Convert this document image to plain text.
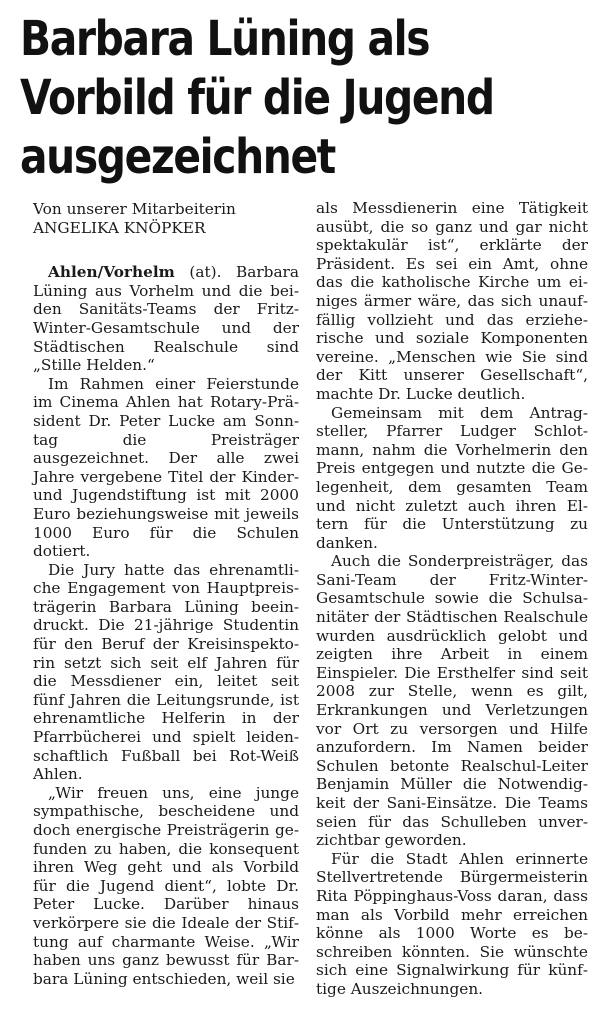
Barbara Lüning als
Vorbild für die Jugend
ausgezeichnet

Von unserer Mitarbeiterin
ANGELIKA KNÖPKER

Ahlen/Vorhelm (at). Barbara Lüning aus Vorhelm und die beiden Sanitäts-Teams der Fritz-Winter-Gesamtschule und der Städtischen Realschule sind „Stille Helden.“

Im Rahmen einer Feierstunde im Cinema Ahlen hat Rotary-Präsident Dr. Peter Lucke am Sonntag die Preisträger ausgezeichnet. Der alle zwei Jahre vergebene Titel der Kinder- und Jugendstiftung ist mit 2000 Euro beziehungsweise mit jeweils 1000 Euro für die Schulen dotiert.

Die Jury hatte das ehrenamtliche Engagement von Hauptpreisträgerin Barbara Lüning beeindruckt. Die 21-jährige Studentin für den Beruf der Kreisinspektorin setzt sich seit elf Jahren für die Messdiener ein, leitet seit fünf Jahren die Leitungsrunde, ist ehrenamtliche Helferin in der Pfarrbücherei und spielt leidenschaftlich Fußball bei Rot-Weiß Ahlen.

„Wir freuen uns, eine junge sympathische, bescheidene und doch energische Preisträgerin gefunden zu haben, die konsequent ihren Weg geht und als Vorbild für die Jugend dient“, lobte Dr. Peter Lucke. Darüber hinaus verkörpere sie die Ideale der Stiftung auf charmante Weise. „Wir haben uns ganz bewusst für Barbara Lüning entschieden, weil sie

als Messdienerin eine Tätigkeit ausübt, die so ganz und gar nicht spektakulär ist“, erklärte der Präsident. Es sei ein Amt, ohne das die katholische Kirche um einiges ärmer wäre, das sich unauffällig vollzieht und das erzieherische und soziale Komponenten vereine. „Menschen wie Sie sind der Kitt unserer Gesellschaft“, machte Dr. Lucke deutlich.

Gemeinsam mit dem Antragsteller, Pfarrer Ludger Schlotmann, nahm die Vorhelmerin den Preis entgegen und nutzte die Gelegenheit, dem gesamten Team und nicht zuletzt auch ihren Eltern für die Unterstützung zu danken.

Auch die Sonderpreisträger, das Sani-Team der Fritz-Winter-Gesamtschule sowie die Schulsanitäter der Städtischen Realschule wurden ausdrücklich gelobt und zeigten ihre Arbeit in einem Einspieler. Die Ersthelfer sind seit 2008 zur Stelle, wenn es gilt, Erkrankungen und Verletzungen vor Ort zu versorgen und Hilfe anzufordern. Im Namen beider Schulen betonte Realschul-Leiter Benjamin Müller die Notwendigkeit der Sani-Einsätze. Die Teams seien für das Schulleben unverzichtbar geworden.

Für die Stadt Ahlen erinnerte Stellvertretende Bürgermeisterin Rita Pöppinghaus-Voss daran, dass man als Vorbild mehr erreichen könne als 1000 Worte es beschreiben könnten. Sie wünschte sich eine Signalwirkung für künftige Auszeichnungen.
